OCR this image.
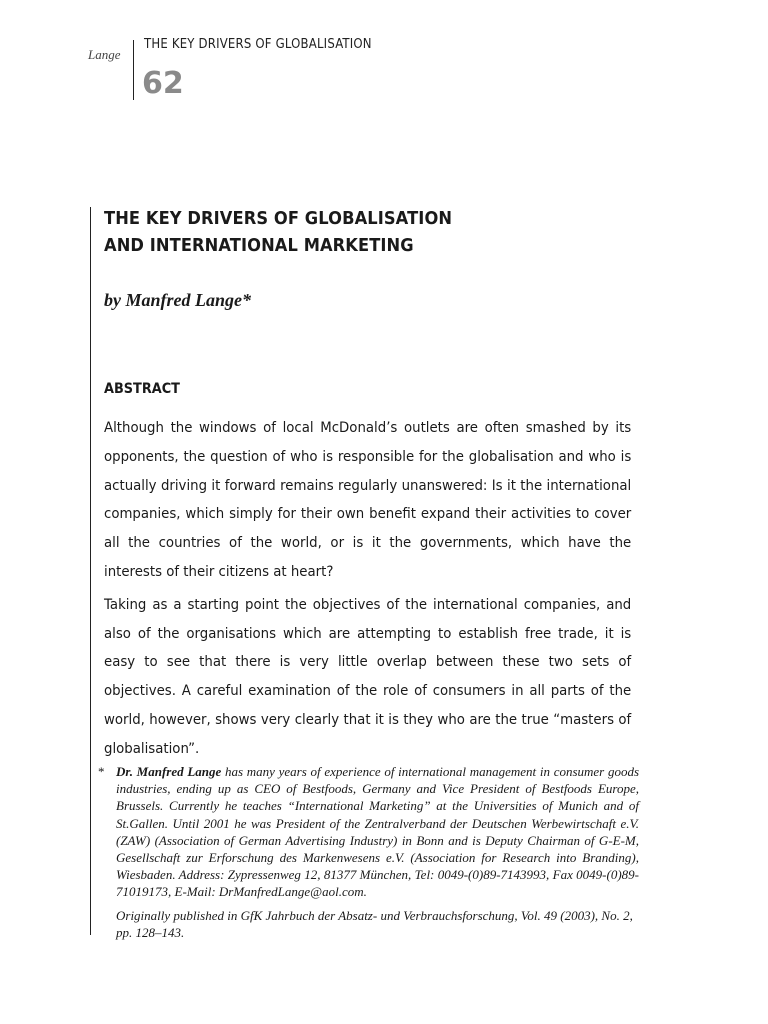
Lange
THE KEY DRIVERS OF GLOBALISATION
62
THE KEY DRIVERS OF GLOBALISATION
AND INTERNATIONAL MARKETING
by Manfred Lange*
ABSTRACT

Although the windows of local McDonald’s outlets are often smashed by its opponents, the question of who is responsible for the globalisation and who is actually driving it forward remains regularly unanswered: Is it the international companies, which simply for their own benefit expand their activities to cover all the countries of the world, or is it the governments, which have the interests of their citizens at heart?

Taking as a starting point the objectives of the international companies, and also of the organisations which are attempting to establish free trade, it is easy to see that there is very little overlap between these two sets of objectives. A careful examination of the role of consumers in all parts of the world, however, shows very clearly that it is they who are the true “masters of globalisation”.

* Dr. Manfred Lange has many years of experience of international management in consumer goods industries, ending up as CEO of Bestfoods, Germany and Vice President of Bestfoods Europe, Brussels. Currently he teaches “International Marketing” at the Universities of Munich and of St.Gallen. Until 2001 he was President of the Zentralverband der Deutschen Werbewirtschaft e.V. (ZAW) (Association of German Advertising Industry) in Bonn and is Deputy Chairman of G-E-M, Gesellschaft zur Erforschung des Markenwesens e.V. (Association for Research into Branding), Wiesbaden. Address: Zypressenweg 12, 81377 München, Tel: 0049-(0)89-7143993, Fax 0049-(0)89-71019173, E-Mail: DrManfredLange@aol.com.
Originally published in GfK Jahrbuch der Absatz- und Verbrauchsforschung, Vol. 49 (2003), No. 2, pp. 128–143.
